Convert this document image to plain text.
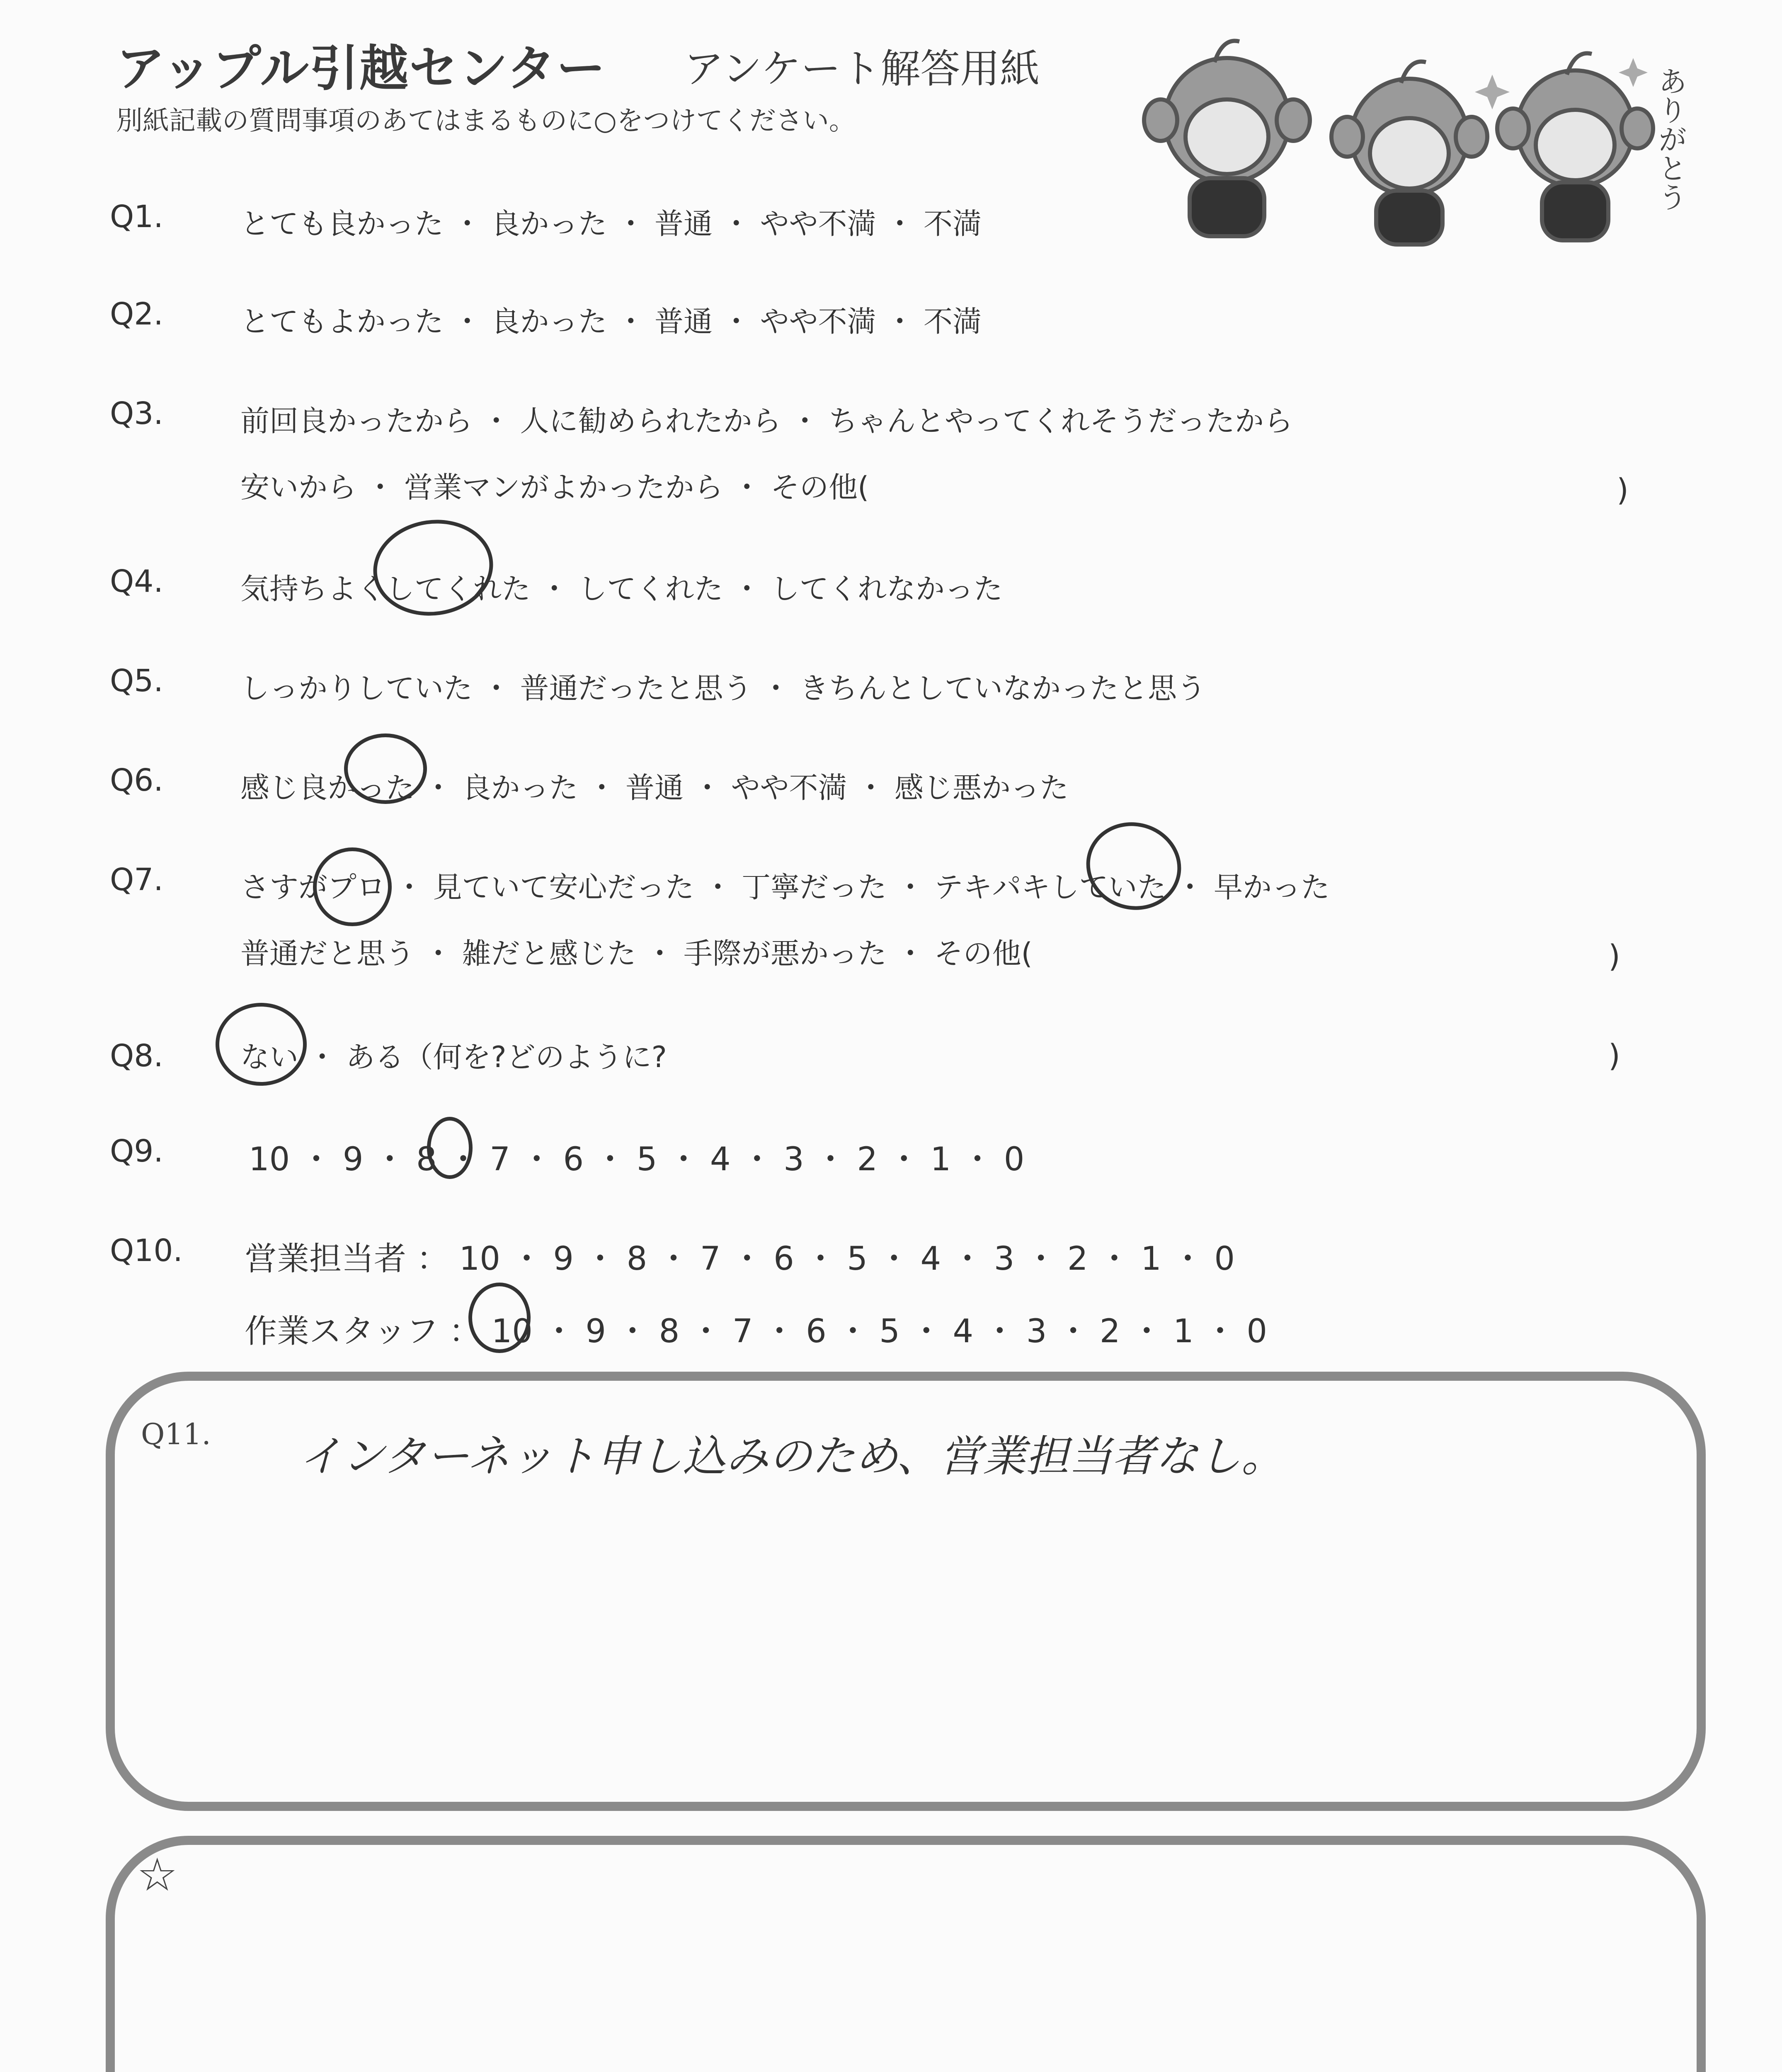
アップル引越センター アンケート解答用紙
別紙記載の質問事項のあてはまるものに○をつけてください。	ありがとう
Q1.	とても良かった ・ 良かった ・ 普通 ・ やや不満 ・ 不満
Q2.	とてもよかった ・ 良かった ・ 普通 ・ やや不満 ・ 不満
Q3.	前回良かったから ・ 人に勧められたから ・ ちゃんとやってくれそうだったから
安いから ・ 営業マンがよかったから ・ その他(	)
Q4.	気持ちよくしてくれた ・ してくれた ・ してくれなかった
Q5.	しっかりしていた ・ 普通だったと思う ・ きちんとしていなかったと思う
Q6.	感じ良かった ・ 良かった ・ 普通 ・ やや不満 ・ 感じ悪かった
Q7.	さすがプロ ・ 見ていて安心だった ・ 丁寧だった ・ テキパキしていた ・ 早かった
普通だと思う ・ 雑だと感じた ・ 手際が悪かった ・ その他(	)
Q8.	ない ・ ある（何を?どのように?	)
Q9.	10 ・ 9 ・ 8 ・ 7 ・ 6 ・ 5 ・ 4 ・ 3 ・ 2 ・ 1 ・ 0
Q10. 営業担当者 ： 10 ・ 9 ・ 8 ・ 7 ・ 6 ・ 5 ・ 4 ・ 3 ・ 2 ・ 1 ・ 0
作業スタッフ ： 10 ・ 9 ・ 8 ・ 7 ・ 6 ・ 5 ・ 4 ・ 3 ・ 2 ・ 1 ・ 0
Q11. インターネット申し込みのため、営業担当者なし。
☆
